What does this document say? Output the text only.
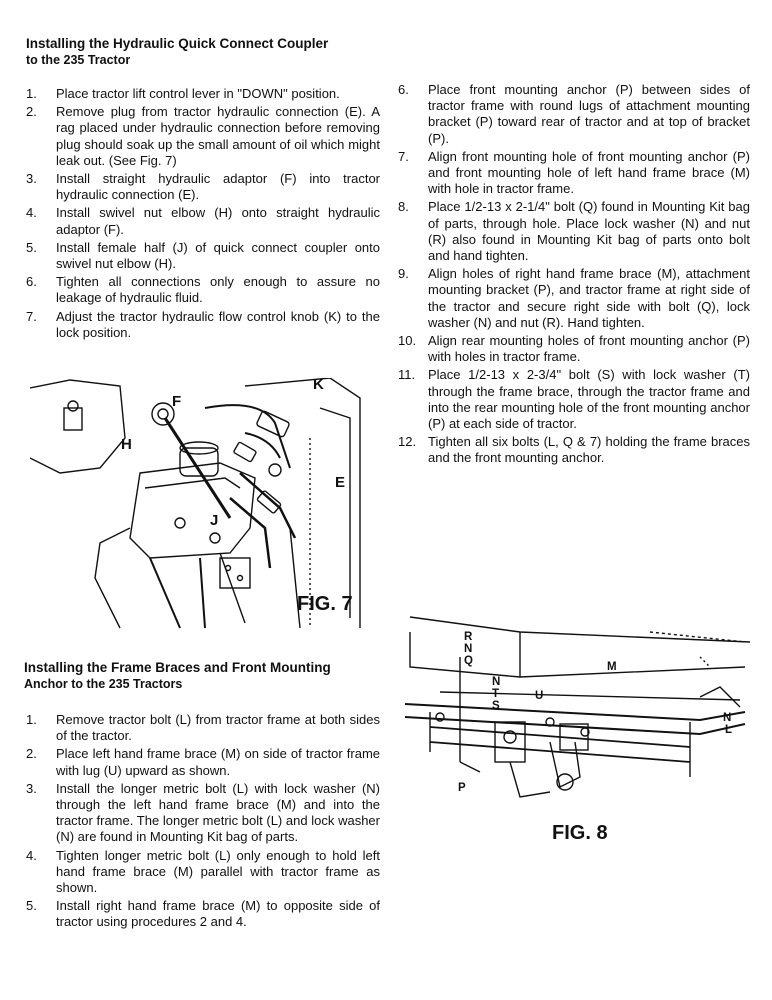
Installing the Hydraulic Quick Connect Coupler
to the 235 Tractor
1. Place tractor lift control lever in "DOWN" position.
2. Remove plug from tractor hydraulic connection (E). A rag placed under hydraulic connection before removing plug should soak up the small amount of oil which might leak out. (See Fig. 7)
3. Install straight hydraulic adaptor (F) into tractor hydraulic connection (E).
4. Install swivel nut elbow (H) onto straight hydraulic adaptor (F).
5. Install female half (J) of quick connect coupler onto swivel nut elbow (H).
6. Tighten all connections only enough to assure no leakage of hydraulic fluid.
7. Adjust the tractor hydraulic flow control knob (K) to the lock position.
K
F
H
E
J
FIG. 7
Installing the Frame Braces and Front Mounting
Anchor to the 235 Tractors
1. Remove tractor bolt (L) from tractor frame at both sides of the tractor.
2. Place left hand frame brace (M) on side of tractor frame with lug (U) upward as shown.
3. Install the longer metric bolt (L) with lock washer (N) through the left hand frame brace (M) and into the tractor frame. The longer metric bolt (L) and lock washer (N) are found in Mounting Kit bag of parts.
4. Tighten longer metric bolt (L) only enough to hold left hand frame brace (M) parallel with tractor frame as shown.
5. Install right hand frame brace (M) to opposite side of tractor using procedures 2 and 4.
6. Place front mounting anchor (P) between sides of tractor frame with round lugs of attachment mounting bracket (P) toward rear of tractor and at top of bracket (P).
7. Align front mounting hole of front mounting anchor (P) and front mounting hole of left hand frame brace (M) with hole in tractor frame.
8. Place 1/2-13 x 2-1/4" bolt (Q) found in Mounting Kit bag of parts, through hole. Place lock washer (N) and nut (R) also found in Mounting Kit bag of parts onto bolt and hand tighten.
9. Align holes of right hand frame brace (M), attachment mounting bracket (P), and tractor frame at right side of the tractor and secure right side with bolt (Q), lock washer (N) and nut (R). Hand tighten.
10. Align rear mounting holes of front mounting anchor (P) with holes in tractor frame.
11. Place 1/2-13 x 2-3/4" bolt (S) with lock washer (T) through the frame brace, through the tractor frame and into the rear mounting hole of the front mounting anchor (P) at each side of tractor.
12. Tighten all six bolts (L, Q & 7) holding the frame braces and the front mounting anchor.
R
N
Q	M
N
T
S
U
N
L
P
FIG. 8
